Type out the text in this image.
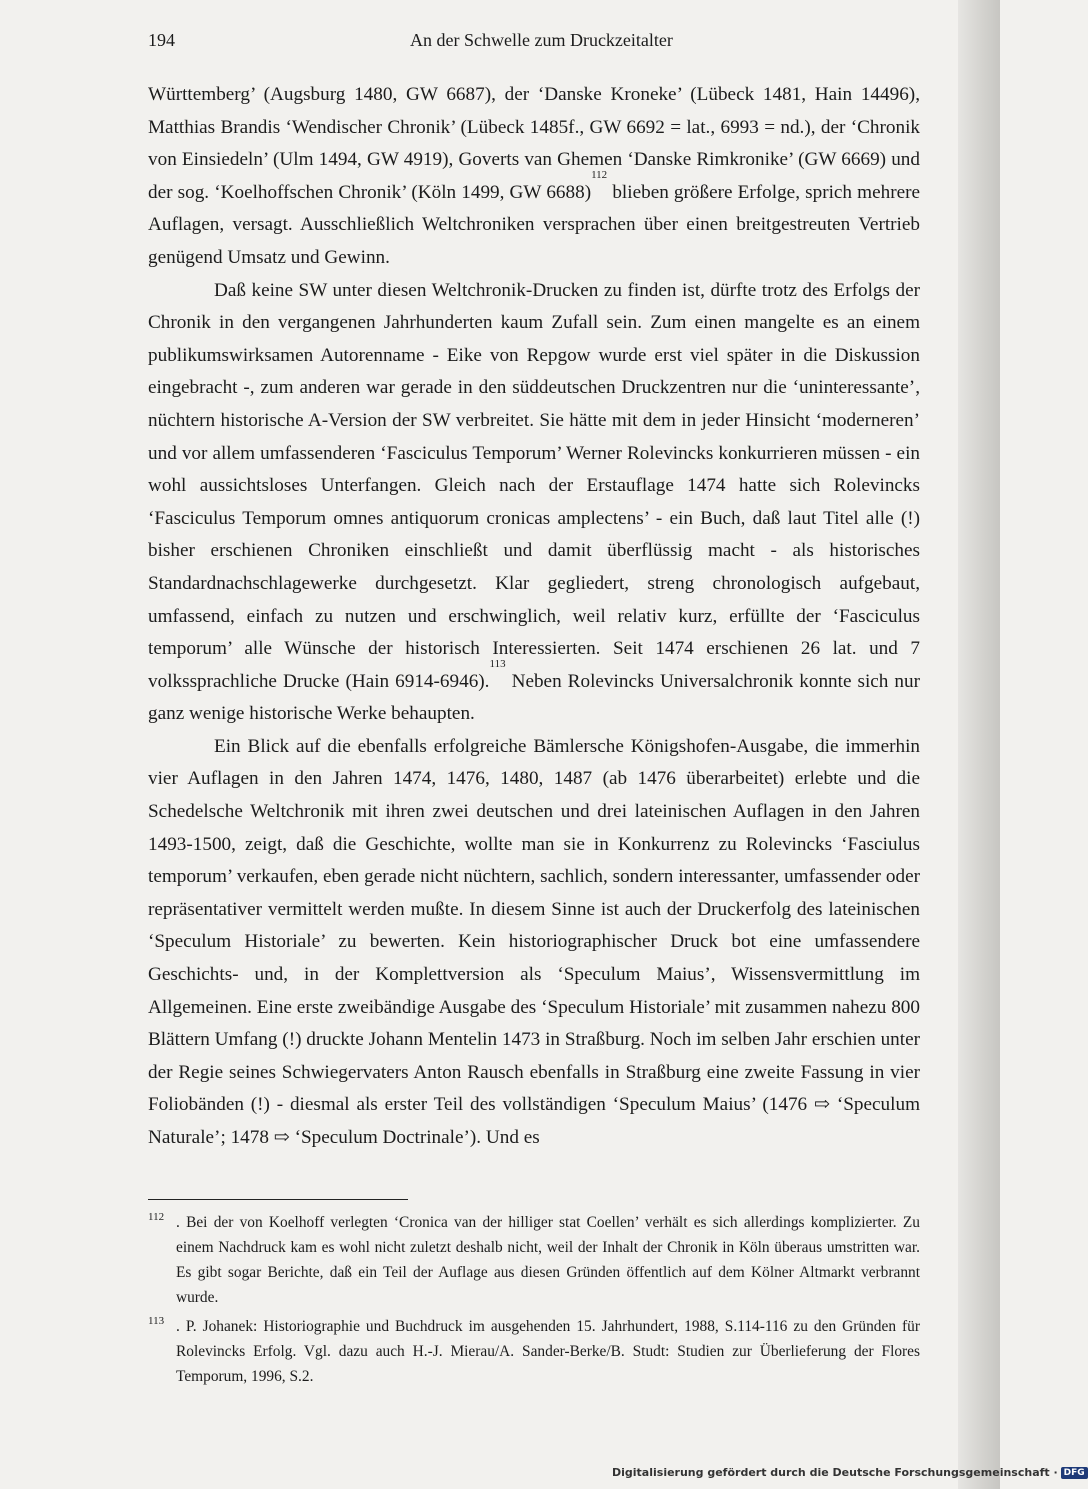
194	An der Schwelle zum Druckzeitalter

Württemberg’ (Augsburg 1480, GW 6687), der ‘Danske Kroneke’ (Lübeck 1481, Hain 14496), Matthias Brandis ‘Wendischer Chronik’ (Lübeck 1485f., GW 6692 = lat., 6993 = nd.), der ‘Chronik von Einsiedeln’ (Ulm 1494, GW 4919), Goverts van Ghemen ‘Danske Rimkronike’ (GW 6669) und der sog. ‘Koelhoffschen Chronik’ (Köln 1499, GW 6688)$^{112}$ blieben größere Erfolge, sprich mehrere Auflagen, versagt. Ausschließlich Weltchroniken versprachen über einen breitgestreuten Vertrieb genügend Umsatz und Gewinn.

Daß keine SW unter diesen Weltchronik-Drucken zu finden ist, dürfte trotz des Erfolgs der Chronik in den vergangenen Jahrhunderten kaum Zufall sein. Zum einen mangelte es an einem publikumswirksamen Autorenname - Eike von Repgow wurde erst viel später in die Diskussion eingebracht -, zum anderen war gerade in den süddeutschen Druckzentren nur die ‘uninteressante’, nüchtern historische A-Version der SW verbreitet. Sie hätte mit dem in jeder Hinsicht ‘moderneren’ und vor allem umfassenderen ‘Fasciculus Temporum’ Werner Rolevincks konkurrieren müssen - ein wohl aussichtsloses Unterfangen. Gleich nach der Erstauflage 1474 hatte sich Rolevincks ‘Fasciculus Temporum omnes antiquorum cronicas amplectens’ - ein Buch, daß laut Titel alle (!) bisher erschienen Chroniken einschließt und damit überflüssig macht - als historisches Standardnachschlagewerke durchgesetzt. Klar gegliedert, streng chronologisch aufgebaut, umfassend, einfach zu nutzen und erschwinglich, weil relativ kurz, erfüllte der ‘Fasciculus temporum’ alle Wünsche der historisch Interessierten. Seit 1474 erschienen 26 lat. und 7 volkssprachliche Drucke (Hain 6914-6946).$^{113}$ Neben Rolevincks Universalchronik konnte sich nur ganz wenige historische Werke behaupten.

Ein Blick auf die ebenfalls erfolgreiche Bämlersche Königshofen-Ausgabe, die immerhin vier Auflagen in den Jahren 1474, 1476, 1480, 1487 (ab 1476 überarbeitet) erlebte und die Schedelsche Weltchronik mit ihren zwei deutschen und drei lateinischen Auflagen in den Jahren 1493-1500, zeigt, daß die Geschichte, wollte man sie in Konkurrenz zu Rolevincks ‘Fasciulus temporum’ verkaufen, eben gerade nicht nüchtern, sachlich, sondern interessanter, umfassender oder repräsentativer vermittelt werden mußte. In diesem Sinne ist auch der Druckerfolg des lateinischen ‘Speculum Historiale’ zu bewerten. Kein historiographischer Druck bot eine umfassendere Geschichts- und, in der Komplettversion als ‘Speculum Maius’, Wissensvermittlung im Allgemeinen. Eine erste zweibändige Ausgabe des ‘Speculum Historiale’ mit zusammen nahezu 800 Blättern Umfang (!) druckte Johann Mentelin 1473 in Straßburg. Noch im selben Jahr erschien unter der Regie seines Schwiegervaters Anton Rausch ebenfalls in Straßburg eine zweite Fassung in vier Foliobänden (!) - diesmal als erster Teil des vollständigen ‘Speculum Maius’ (1476 ⇨ ‘Speculum Naturale’; 1478 ⇨ ‘Speculum Doctrinale’). Und es

112 . Bei der von Koelhoff verlegten ‘Cronica van der hilliger stat Coellen’ verhält es sich allerdings komplizierter. Zu einem Nachdruck kam es wohl nicht zuletzt deshalb nicht, weil der Inhalt der Chronik in Köln überaus umstritten war. Es gibt sogar Berichte, daß ein Teil der Auflage aus diesen Gründen öffentlich auf dem Kölner Altmarkt verbrannt wurde.

113 . P. Johanek: Historiographie und Buchdruck im ausgehenden 15. Jahrhundert, 1988, S.114-116 zu den Gründen für Rolevincks Erfolg. Vgl. dazu auch H.-J. Mierau/A. Sander-Berke/B. Studt: Studien zur Überlieferung der Flores Temporum, 1996, S.2.

Digitalisierung gefördert durch die Deutsche Forschungsgemeinschaft · DFG
